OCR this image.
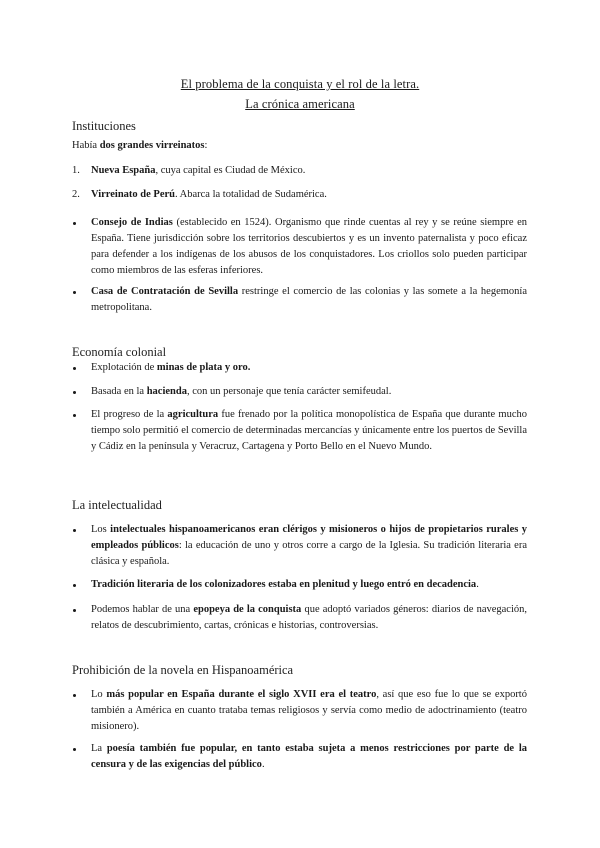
El problema de la conquista y el rol de la letra.
La crónica americana
Instituciones

Había dos grandes virreinatos:

1.	Nueva España, cuya capital es Ciudad de México.
2.	Virreinato de Perú. Abarca la totalidad de Sudamérica.
Consejo de Indias (establecido en 1524). Organismo que rinde cuentas al rey y se reúne siempre en España. Tiene jurisdicción sobre los territorios descubiertos y es un invento paternalista y poco eficaz para defender a los indígenas de los abusos de los conquistadores. Los criollos solo pueden participar como miembros de las esferas inferiores.
Casa de Contratación de Sevilla restringe el comercio de las colonias y las somete a la hegemonía metropolitana.
Economía colonial
Explotación de minas de plata y oro.
Basada en la hacienda, con un personaje que tenía carácter semifeudal.
El progreso de la agricultura fue frenado por la política monopolística de España que durante mucho tiempo solo permitió el comercio de determinadas mercancías y únicamente entre los puertos de Sevilla y Cádiz en la península y Veracruz, Cartagena y Porto Bello en el Nuevo Mundo.
La intelectualidad
Los intelectuales hispanoamericanos eran clérigos y misioneros o hijos de propietarios rurales y empleados públicos: la educación de uno y otros corre a cargo de la Iglesia. Su tradición literaria era clásica y española.
Tradición literaria de los colonizadores estaba en plenitud y luego entró en decadencia.
Podemos hablar de una epopeya de la conquista que adoptó variados géneros: diarios de navegación, relatos de descubrimiento, cartas, crónicas e historias, controversias.
Prohibición de la novela en Hispanoamérica
Lo más popular en España durante el siglo XVII era el teatro, así que eso fue lo que se exportó también a América en cuanto trataba temas religiosos y servía como medio de adoctrinamiento (teatro misionero).
La poesía también fue popular, en tanto estaba sujeta a menos restricciones por parte de la censura y de las exigencias del público.
